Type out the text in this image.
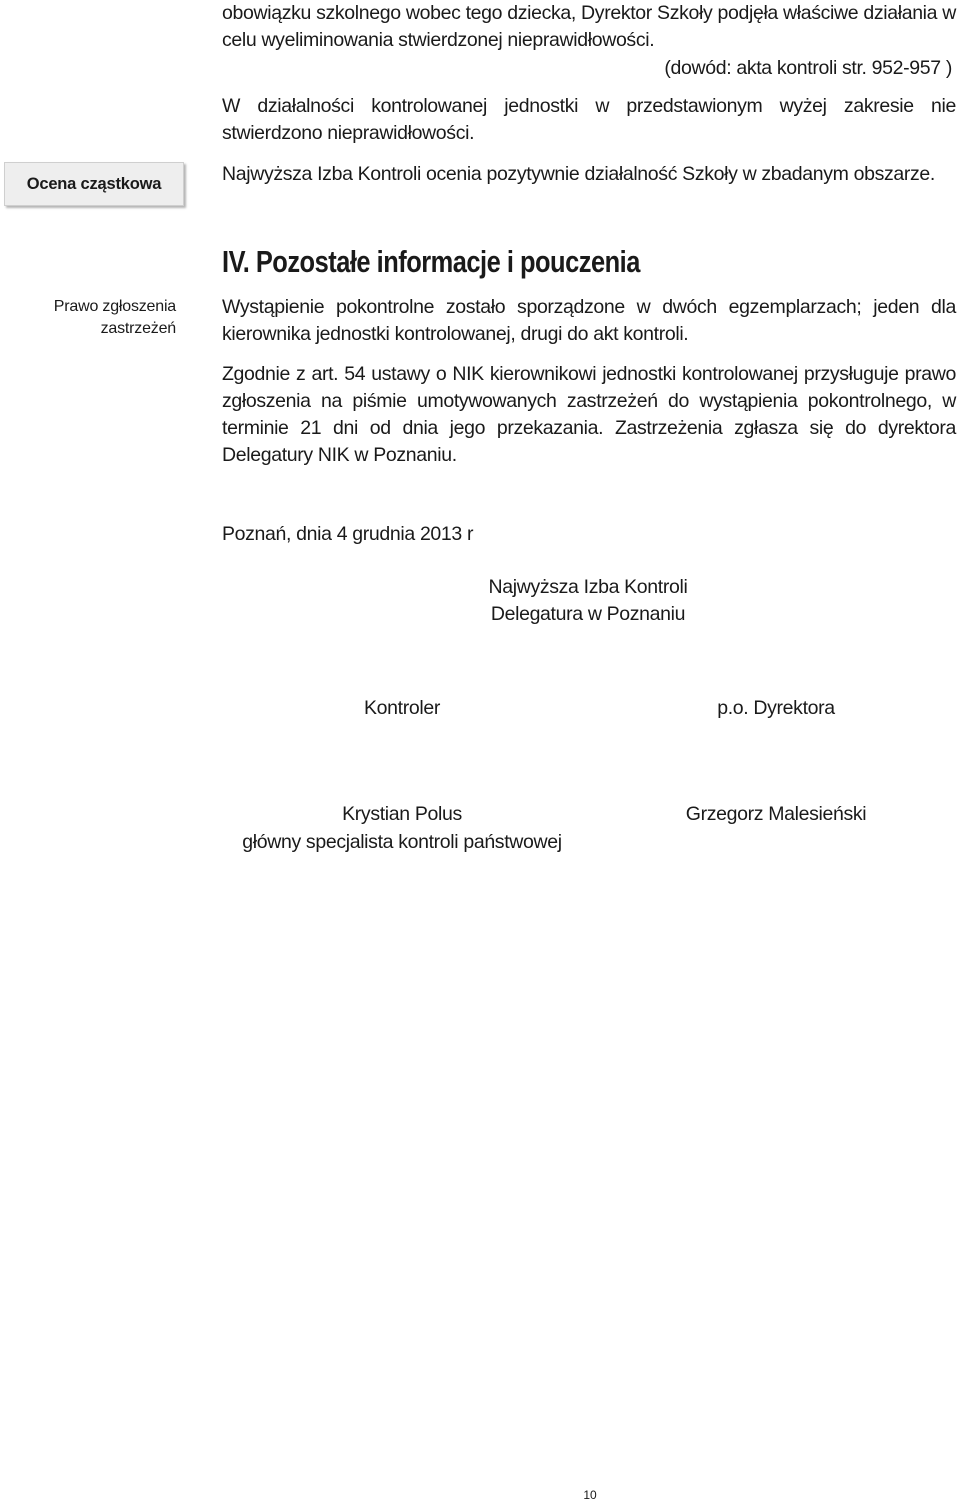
Ocena cząstkowa
Prawo zgłoszenia zastrzeżeń
obowiązku szkolnego wobec tego dziecka, Dyrektor Szkoły podjęła właściwe działania w celu wyeliminowania stwierdzonej nieprawidłowości.
(dowód: akta kontroli str. 952-957 )
W działalności kontrolowanej jednostki w przedstawionym wyżej zakresie nie stwierdzono nieprawidłowości.
Najwyższa Izba Kontroli ocenia pozytywnie działalność Szkoły w zbadanym obszarze.
IV. Pozostałe informacje i pouczenia
Wystąpienie pokontrolne zostało sporządzone w dwóch egzemplarzach; jeden dla kierownika jednostki kontrolowanej, drugi do akt kontroli.
Zgodnie z art. 54 ustawy o NIK kierownikowi jednostki kontrolowanej przysługuje prawo zgłoszenia na piśmie umotywowanych zastrzeżeń do wystąpienia pokontrolnego, w terminie 21 dni od dnia jego przekazania. Zastrzeżenia zgłasza się do dyrektora Delegatury NIK w Poznaniu.
Poznań, dnia 4 grudnia 2013 r
Najwyższa Izba Kontroli
Delegatura w Poznaniu
Kontroler	p.o. Dyrektora
Krystian Polus
główny specjalista kontroli państwowej
Grzegorz Malesieński
10
